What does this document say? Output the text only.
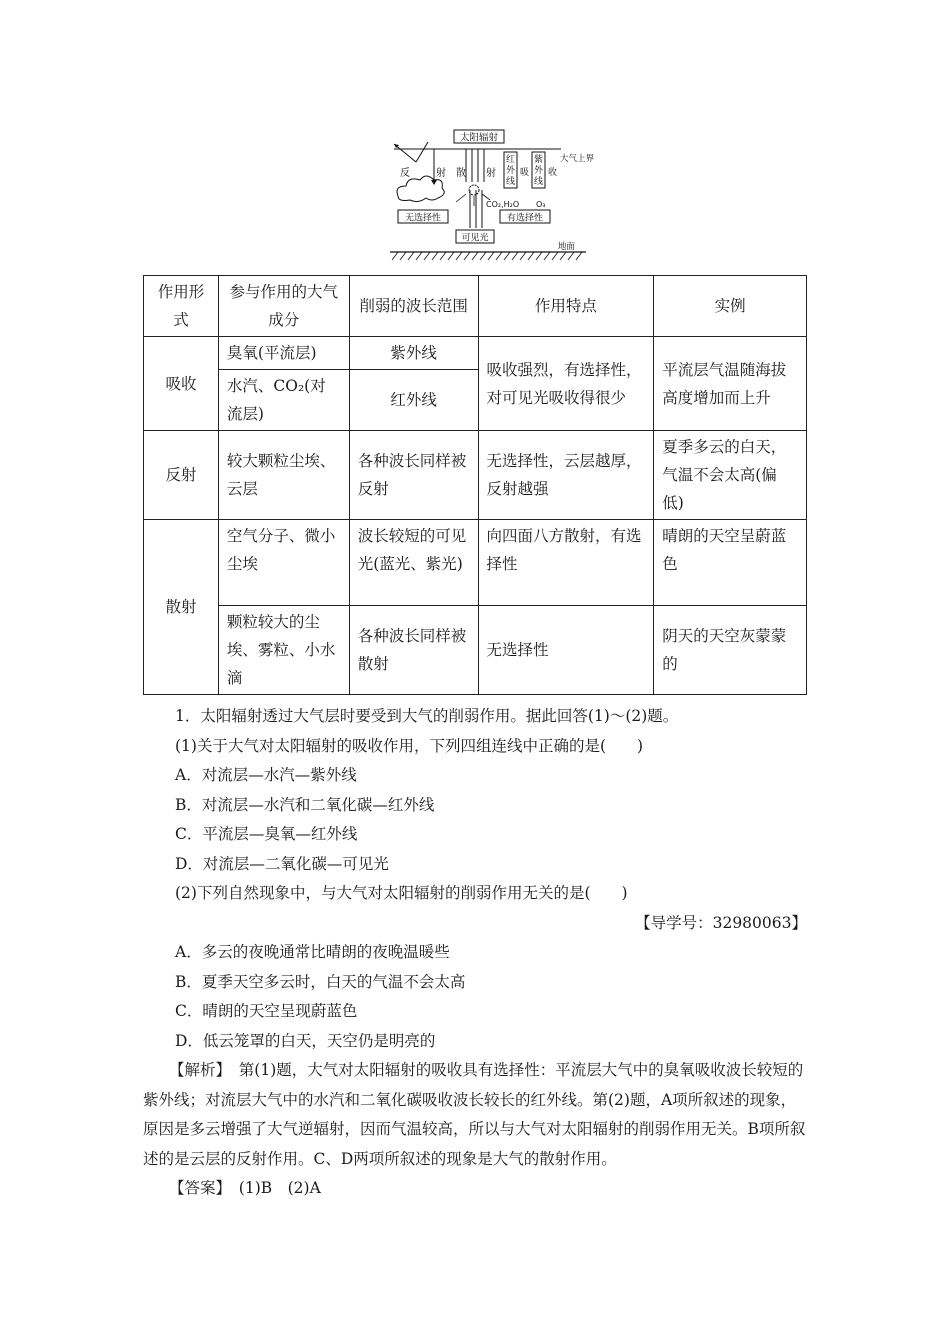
太阳辐射
大气上界
反	射 散 射
红
外
线
吸
紫
外
线
收
CO₂,H₂O O₃
无选择性	有选择性
可见光
地面
作用形式	参与作用的大气成分	削弱的波长范围	作用特点	实例
吸收	臭氧(平流层)	紫外线	吸收强烈，有选择性，对可见光吸收得很少	平流层气温随海拔高度增加而上升
	水汽、CO₂(对流层)	红外线		
反射	较大颗粒尘埃、云层	各种波长同样被反射	无选择性，云层越厚，反射越强	夏季多云的白天，气温不会太高(偏低)
散射	空气分子、微小尘埃	波长较短的可见光(蓝光、紫光)	向四面八方散射，有选择性	晴朗的天空呈蔚蓝色
	颗粒较大的尘埃、雾粒、小水滴	各种波长同样被散射	无选择性	阴天的天空灰蒙蒙的

1．太阳辐射透过大气层时要受到大气的削弱作用。据此回答(1)～(2)题。

(1)关于大气对太阳辐射的吸收作用，下列四组连线中正确的是(　　)

A．对流层—水汽—紫外线

B．对流层—水汽和二氧化碳—红外线

C．平流层—臭氧—红外线

D．对流层—二氧化碳—可见光

(2)下列自然现象中，与大气对太阳辐射的削弱作用无关的是(　　)

【导学号：32980063】

A．多云的夜晚通常比晴朗的夜晚温暖些

B．夏季天空多云时，白天的气温不会太高

C．晴朗的天空呈现蔚蓝色

D．低云笼罩的白天，天空仍是明亮的

【解析】　 第(1)题，大气对太阳辐射的吸收具有选择性：平流层大气中的臭氧吸收波长较短的紫外线；对流层大气中的水汽和二氧化碳吸收波长较长的红外线。第(2)题，A项所叙述的现象，原因是多云增强了大气逆辐射，因而气温较高，所以与大气对太阳辐射的削弱作用无关。B项所叙述的是云层的反射作用。C、D两项所叙述的现象是大气的散射作用。

【答案】　 (1)B　(2)A
